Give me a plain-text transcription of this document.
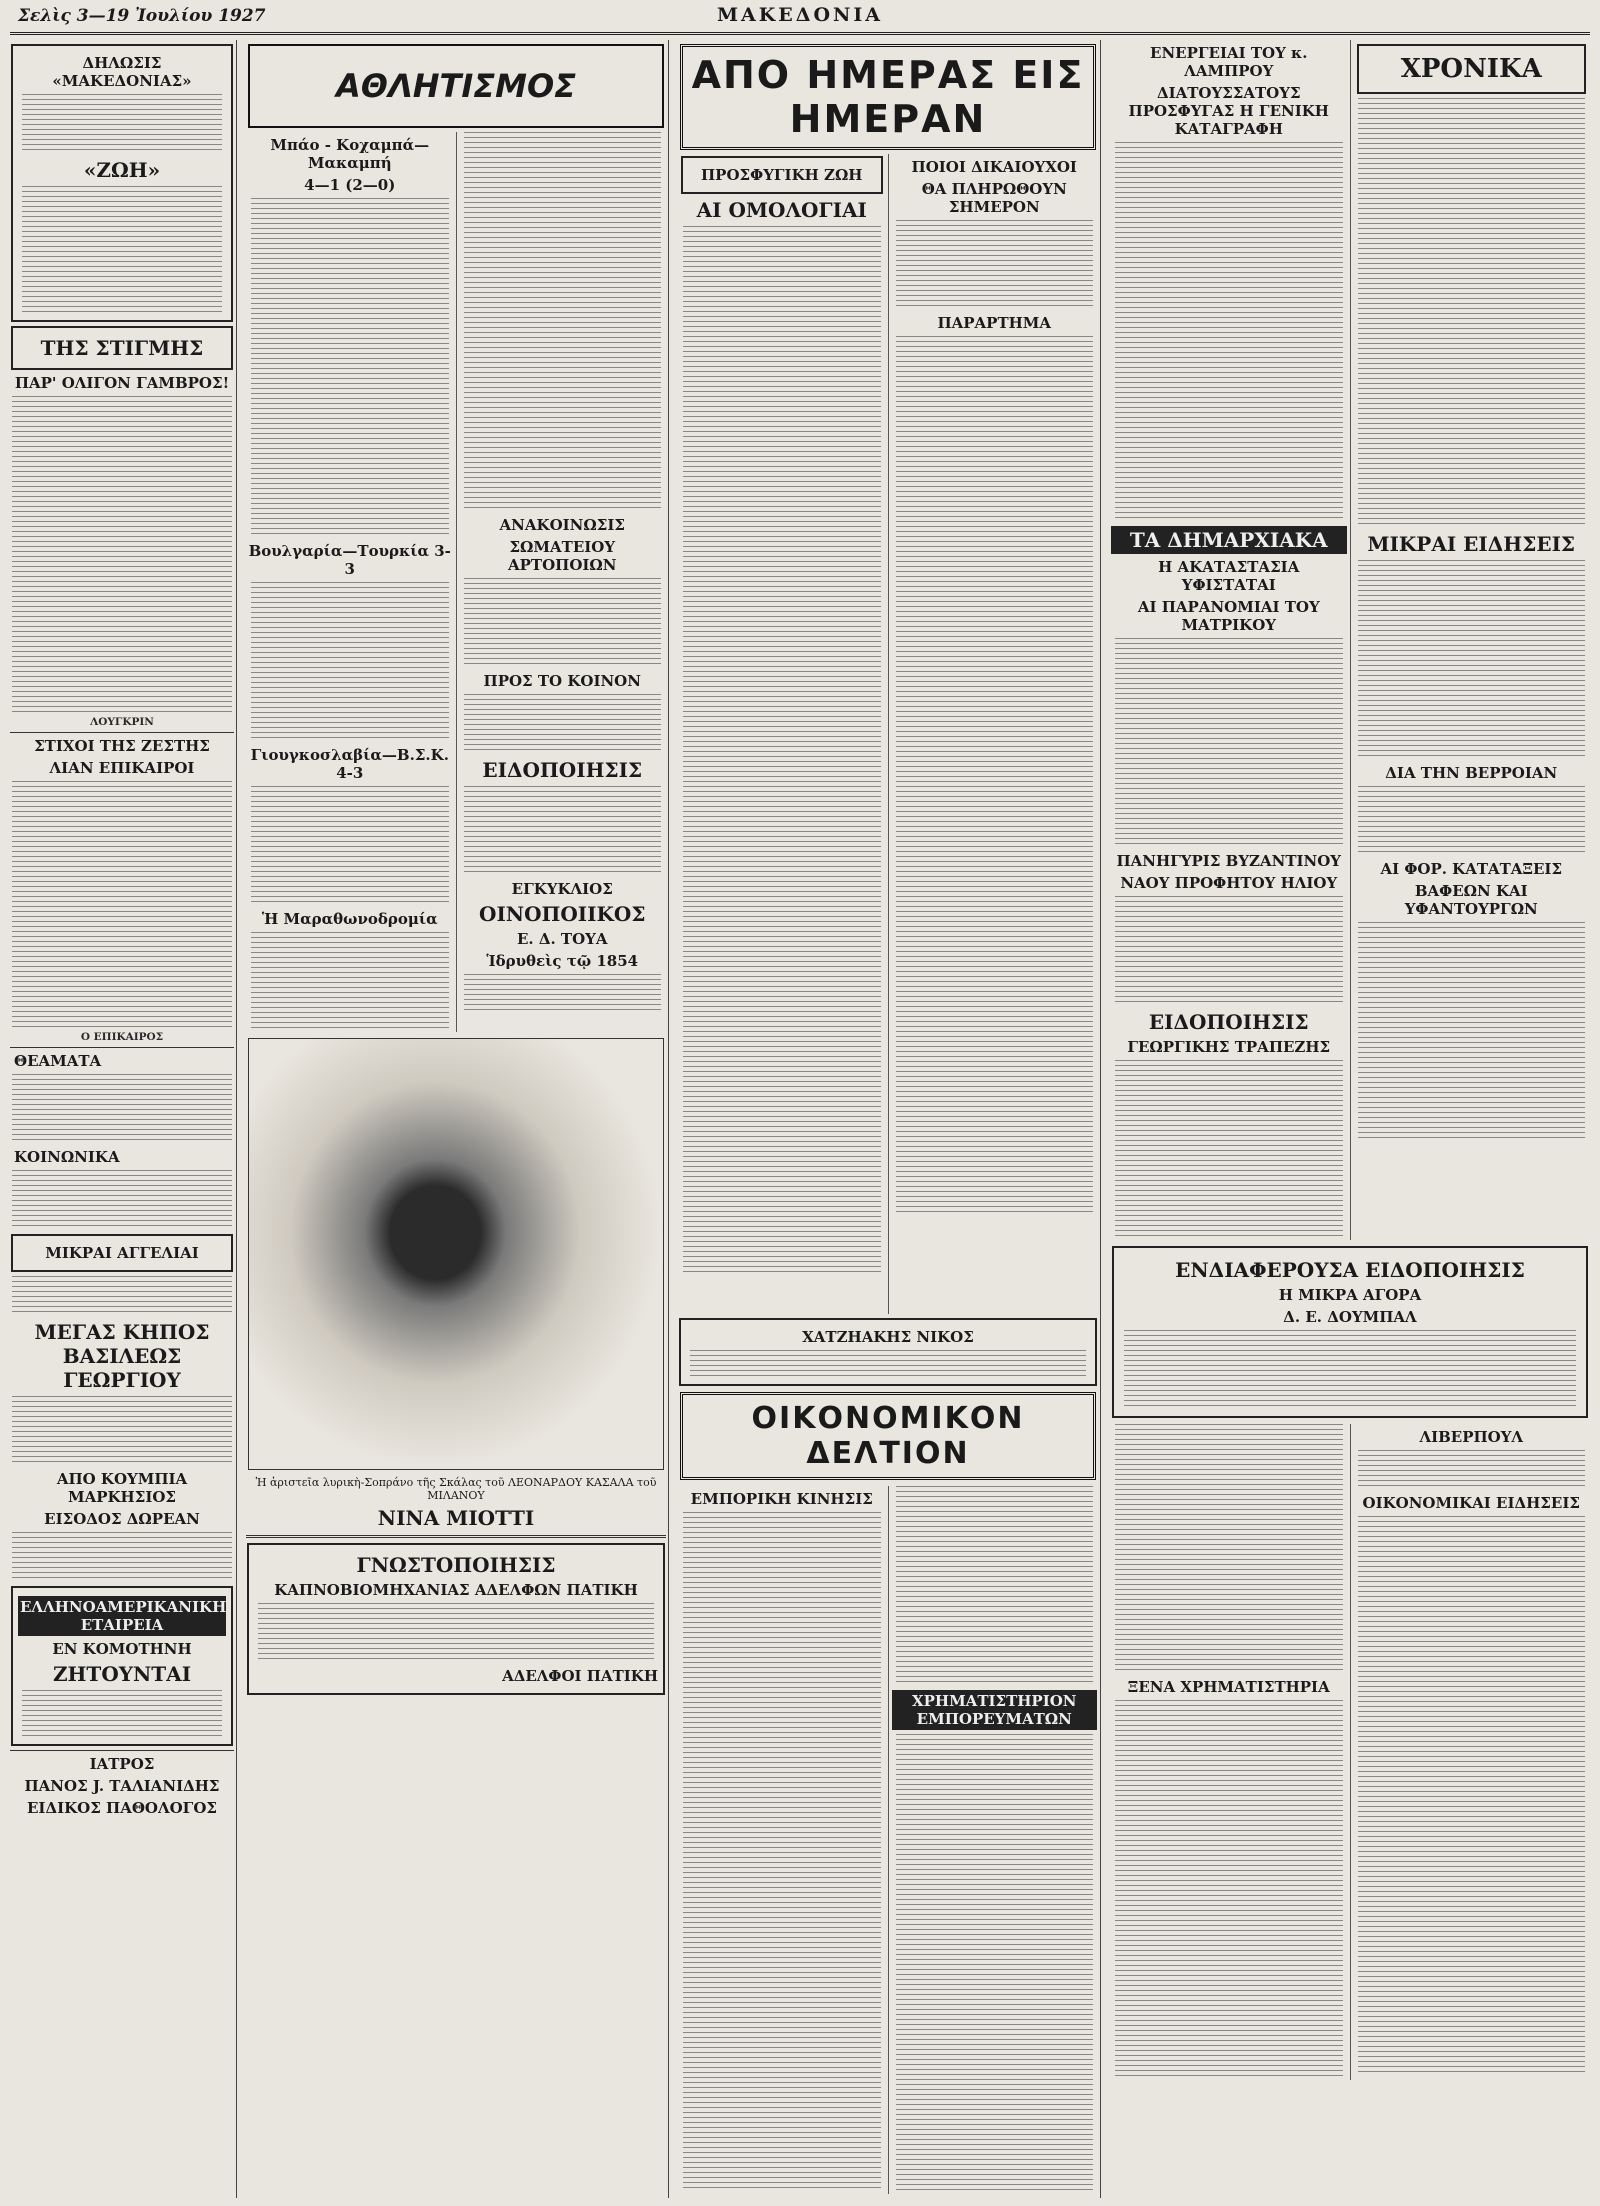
Σελὶς 3—19 Ἰουλίου 1927	ΜΑΚΕΔΟΝΙΑ
ΔΗΛΩΣΙΣ «ΜΑΚΕΔΟΝΙΑΣ»
«ΖΩΗ»
ΤΗΣ ΣΤΙΓΜΗΣ
ΠΑΡ' ΟΛΙΓΟΝ ΓΑΜΒΡΟΣ!
ΛΟΥΓΚΡΙΝ
ΣΤΙΧΟΙ ΤΗΣ ΖΕΣΤΗΣ
ΛΙΑΝ ΕΠΙΚΑΙΡΟΙ
Ο ΕΠΙΚΑΙΡΟΣ
ΘΕΑΜΑΤΑ
ΚΟΙΝΩΝΙΚΑ
ΜΙΚΡΑΙ ΑΓΓΕΛΙΑΙ
ΜΕΓΑΣ ΚΗΠΟΣ ΒΑΣΙΛΕΩΣ ΓΕΩΡΓΙΟΥ
ΑΠΟ ΚΟΥΜΠΙΑ ΜΑΡΚΗΣΙΟΣ
ΕΙΣΟΔΟΣ ΔΩΡΕΑΝ
ΕΛΛΗΝΟΑΜΕΡΙΚΑΝΙΚΗ ΕΤΑΙΡΕΙΑ
ΕΝ ΚΟΜΟΤΗΝΗ
ΖΗΤΟΥΝΤΑΙ
ΙΑΤΡΟΣ
ΠΑΝΟΣ J. ΤΑΛΙΑΝΙΔΗΣ
ΕΙΔΙΚΟΣ ΠΑΘΟΛΟΓΟΣ
ΑΘΛΗΤΙΣΜΟΣ
Μπάο - Κοχαμπά—Μακαμπή
4—1 (2—0)
Βουλγαρία—Τουρκία 3-3
Γιουγκοσλαβία—Β.Σ.Κ. 4-3
Ἡ Μαραθωνοδρομία
ΑΝΑΚΟΙΝΩΣΙΣ
ΣΩΜΑΤΕΙΟΥ ΑΡΤΟΠΟΙΩΝ
ΠΡΟΣ ΤΟ ΚΟΙΝΟΝ
ΕΙΔΟΠΟΙΗΣΙΣ
ΕΓΚΥΚΛΙΟΣ
ΟΙΝΟΠΟΙΙΚΟΣ
Ε. Δ. ΤΟΥΑ
Ἱδρυθεὶς τῷ 1854
Ἡ ἀριστεῖα λυρικὴ-Σοπράνο τῆς Σκάλας τοῦ ΛΕΟΝΑΡΔΟΥ ΚΑΣΑΛΑ τοῦ ΜΙΛΑΝΟΥ
ΝΙΝΑ ΜΙΟΤΤΙ
ΓΝΩΣΤΟΠΟΙΗΣΙΣ
ΚΑΠΝΟΒΙΟΜΗΧΑΝΙΑΣ ΑΔΕΛΦΩΝ ΠΑΤΙΚΗ
ΑΔΕΛΦΟΙ ΠΑΤΙΚΗ
ΑΠΟ ΗΜΕΡΑΣ ΕΙΣ ΗΜΕΡΑΝ
ΠΡΟΣΦΥΓΙΚΗ ΖΩΗ
ΑΙ ΟΜΟΛΟΓΙΑΙ
ΠΟΙΟΙ ΔΙΚΑΙΟΥΧΟΙ
ΘΑ ΠΛΗΡΩΘΟΥΝ ΣΗΜΕΡΟΝ
ΠΑΡΑΡΤΗΜΑ
ΧΑΤΖΗΑΚΗΣ ΝΙΚΟΣ
ΟΙΚΟΝΟΜΙΚΟΝ ΔΕΛΤΙΟΝ
ΕΜΠΟΡΙΚΗ ΚΙΝΗΣΙΣ
ΧΡΗΜΑΤΙΣΤΗΡΙΟΝ ΕΜΠΟΡΕΥΜΑΤΩΝ
ΕΝΕΡΓΕΙΑΙ ΤΟΥ κ. ΛΑΜΠΡΟΥ
ΔΙΑΤΟΥΣΣΑΤΟΥΣ ΠΡΟΣΦΥΓΑΣ Η ΓΕΝΙΚΗ ΚΑΤΑΓΡΑΦΗ
ΤΑ ΔΗΜΑΡΧΙΑΚΑ
Η ΑΚΑΤΑΣΤΑΣΙΑ ΥΦΙΣΤΑΤΑΙ
ΑΙ ΠΑΡΑΝΟΜΙΑΙ ΤΟΥ ΜΑΤΡΙΚΟΥ
ΠΑΝΗΓΥΡΙΣ ΒΥΖΑΝΤΙΝΟΥ
ΝΑΟΥ ΠΡΟΦΗΤΟΥ ΗΛΙΟΥ
ΕΙΔΟΠΟΙΗΣΙΣ
ΓΕΩΡΓΙΚΗΣ ΤΡΑΠΕΖΗΣ
ΧΡΟΝΙΚΑ
ΜΙΚΡΑΙ ΕΙΔΗΣΕΙΣ
ΔΙΑ ΤΗΝ ΒΕΡΡΟΙΑΝ
ΑΙ ΦΟΡ. ΚΑΤΑΤΑΞΕΙΣ
ΒΑΦΕΩΝ ΚΑΙ ΥΦΑΝΤΟΥΡΓΩΝ
ΕΝΔΙΑΦΕΡΟΥΣΑ ΕΙΔΟΠΟΙΗΣΙΣ
Η ΜΙΚΡΑ ΑΓΟΡΑ
Δ. Ε. ΔΟΥΜΠΑΛ
ΞΕΝΑ ΧΡΗΜΑΤΙΣΤΗΡΙΑ
ΛΙΒΕΡΠΟΥΛ
ΟΙΚΟΝΟΜΙΚΑΙ ΕΙΔΗΣΕΙΣ
